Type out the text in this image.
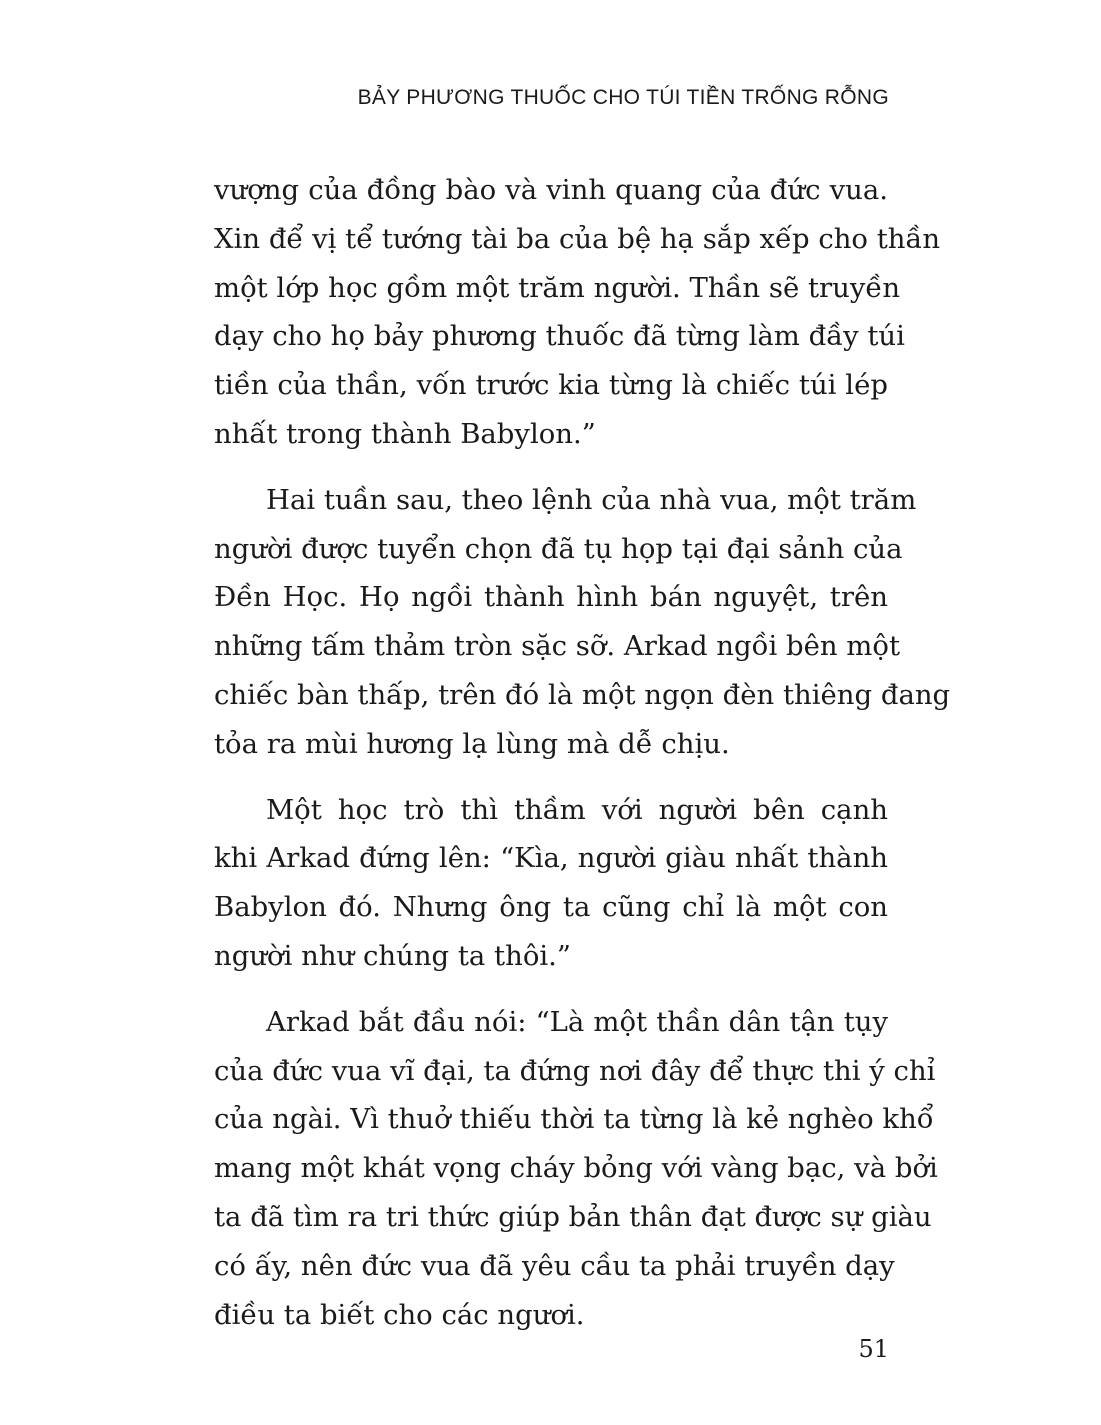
BẢY PHƯƠNG THUỐC CHO TÚI TIỀN TRỐNG RỖNG

vượng của đồng bào và vinh quang của đức vua.
Xin để vị tể tướng tài ba của bệ hạ sắp xếp cho thần
một lớp học gồm một trăm người. Thần sẽ truyền
dạy cho họ bảy phương thuốc đã từng làm đầy túi
tiền của thần, vốn trước kia từng là chiếc túi lép
nhất trong thành Babylon.”

Hai tuần sau, theo lệnh của nhà vua, một trăm
người được tuyển chọn đã tụ họp tại đại sảnh của
Đền Học. Họ ngồi thành hình bán nguyệt, trên
những tấm thảm tròn sặc sỡ. Arkad ngồi bên một
chiếc bàn thấp, trên đó là một ngọn đèn thiêng đang
tỏa ra mùi hương lạ lùng mà dễ chịu.

Một học trò thì thầm với người bên cạnh
khi Arkad đứng lên: “Kìa, người giàu nhất thành
Babylon đó. Nhưng ông ta cũng chỉ là một con
người như chúng ta thôi.”

Arkad bắt đầu nói: “Là một thần dân tận tụy
của đức vua vĩ đại, ta đứng nơi đây để thực thi ý chỉ
của ngài. Vì thuở thiếu thời ta từng là kẻ nghèo khổ
mang một khát vọng cháy bỏng với vàng bạc, và bởi
ta đã tìm ra tri thức giúp bản thân đạt được sự giàu
có ấy, nên đức vua đã yêu cầu ta phải truyền dạy
điều ta biết cho các ngươi.

51
